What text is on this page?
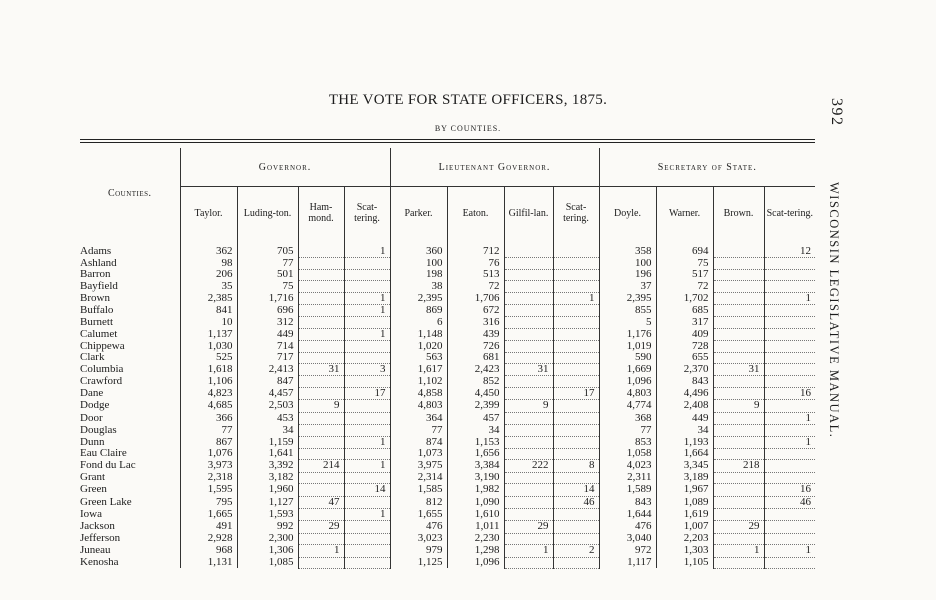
THE VOTE FOR STATE OFFICERS, 1875.
BY COUNTIES.
392
WISCONSIN LEGISLATIVE MANUAL.
Counties.	Governor.				Lieutenant Governor.				Secretary of State.			
	Taylor.	Luding-ton.	Ham-mond.	Scat-tering.	Parker.	Eaton.	Gilfil-lan.	Scat-tering.	Doyle.	Warner.	Brown.	Scat-tering.
Adams	362	705		1	360	712			358	694		12
Ashland	98	77			100	76			100	75		
Barron	206	501			198	513			196	517		
Bayfield	35	75			38	72			37	72		
Brown	2,385	1,716		1	2,395	1,706		1	2,395	1,702		1
Buffalo	841	696		1	869	672			855	685		
Burnett	10	312			6	316			5	317		
Calumet	1,137	449		1	1,148	439			1,176	409		
Chippewa	1,030	714			1,020	726			1,019	728		
Clark	525	717			563	681			590	655		
Columbia	1,618	2,413	31	3	1,617	2,423	31		1,669	2,370	31	
Crawford	1,106	847			1,102	852			1,096	843		
Dane	4,823	4,457		17	4,858	4,450		17	4,803	4,496		16
Dodge	4,685	2,503	9		4,803	2,399	9		4,774	2,408	9	
Door	366	453			364	457			368	449		1
Douglas	77	34			77	34			77	34		
Dunn	867	1,159		1	874	1,153			853	1,193		1
Eau Claire	1,076	1,641			1,073	1,656			1,058	1,664		
Fond du Lac	3,973	3,392	214	1	3,975	3,384	222	8	4,023	3,345	218	
Grant	2,318	3,182			2,314	3,190			2,311	3,189		
Green	1,595	1,960		14	1,585	1,982		14	1,589	1,967		16
Green Lake	795	1,127	47		812	1,090		46	843	1,089		46
Iowa	1,665	1,593		1	1,655	1,610			1,644	1,619		
Jackson	491	992	29		476	1,011	29		476	1,007	29	
Jefferson	2,928	2,300			3,023	2,230			3,040	2,203		
Juneau	968	1,306	1		979	1,298	1	2	972	1,303	1	1
Kenosha	1,131	1,085			1,125	1,096			1,117	1,105		
